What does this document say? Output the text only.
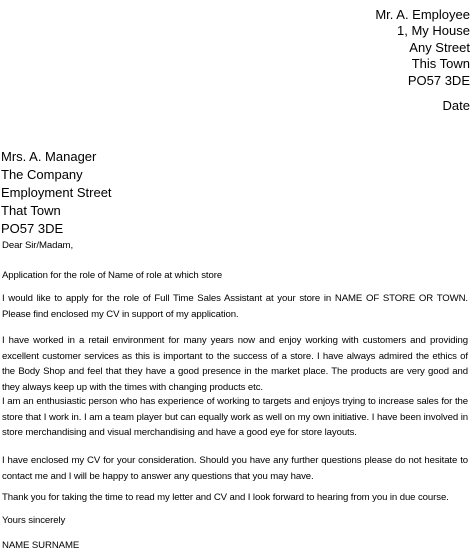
Mr. A. Employee
1, My House
Any Street
This Town
PO57 3DE
Date
Mrs. A. Manager
The Company
Employment Street
That Town
PO57 3DE

Dear Sir/Madam,

Application for the role of Name of role at which store

I would like to apply for the role of Full Time Sales Assistant at your store in NAME OF STORE OR TOWN. Please find enclosed my CV in support of my application.

I have worked in a retail environment for many years now and enjoy working with customers and providing excellent customer services as this is important to the success of a store. I have always admired the ethics of the Body Shop and feel that they have a good presence in the market place. The products are very good and they always keep up with the times with changing products etc.

I am an enthusiastic person who has experience of working to targets and enjoys trying to increase sales for the store that I work in. I am a team player but can equally work as well on my own initiative. I have been involved in store merchandising and visual merchandising and have a good eye for store layouts.

I have enclosed my CV for your consideration. Should you have any further questions please do not hesitate to contact me and I will be happy to answer any questions that you may have.

Thank you for taking the time to read my letter and CV and I look forward to hearing from you in due course.

Yours sincerely

NAME SURNAME
